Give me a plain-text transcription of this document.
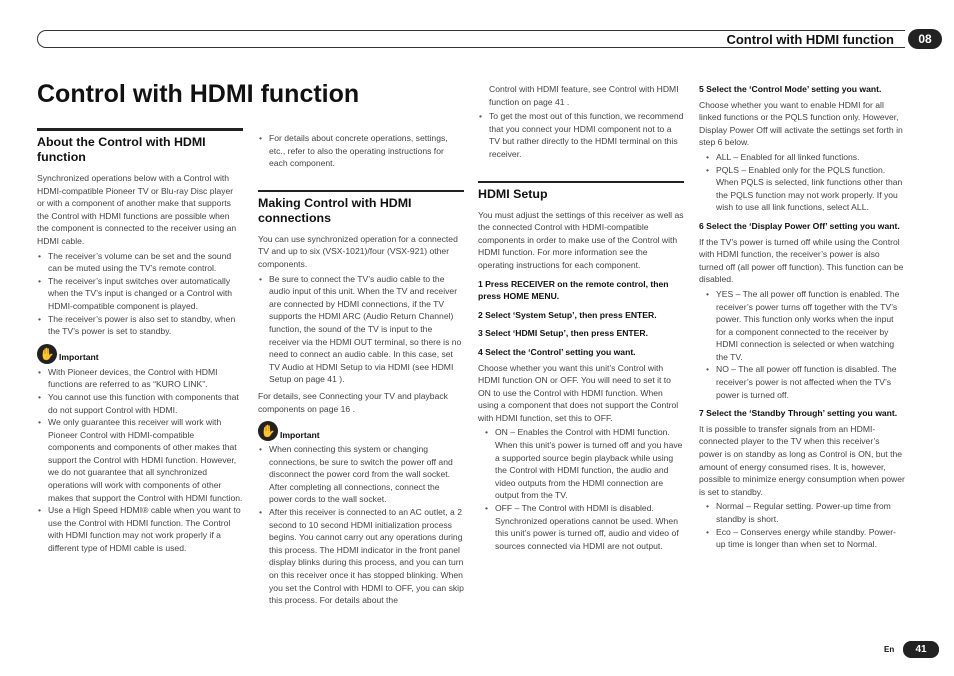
Control with HDMI function	08
Control with HDMI function
About the Control with HDMI function

Synchronized operations below with a Control with HDMI-compatible Pioneer TV or Blu-ray Disc player or with a component of another make that supports the Control with HDMI functions are possible when the component is connected to the receiver using an HDMI cable.

• The receiver’s volume can be set and the sound can be muted using the TV’s remote control.
• The receiver’s input switches over automatically when the TV’s input is changed or a Control with HDMI-compatible component is played.
• The receiver’s power is also set to standby, when the TV’s power is set to standby.
✋ Important
• With Pioneer devices, the Control with HDMI functions are referred to as “KURO LINK”.
• You cannot use this function with components that do not support Control with HDMI.
• We only guarantee this receiver will work with Pioneer Control with HDMI-compatible components and components of other makes that support the Control with HDMI function. However, we do not guarantee that all synchronized operations will work with components of other makes that support the Control with HDMI function.
• Use a High Speed HDMI® cable when you want to use the Control with HDMI function. The Control with HDMI function may not work properly if a different type of HDMI cable is used.
• For details about concrete operations, settings, etc., refer to also the operating instructions for each component.
Making Control with HDMI connections

You can use synchronized operation for a connected TV and up to six (VSX-1021)/four (VSX-921) other components.

• Be sure to connect the TV’s audio cable to the audio input of this unit. When the TV and receiver are connected by HDMI connections, if the TV supports the HDMI ARC (Audio Return Channel) function, the sound of the TV is input to the receiver via the HDMI OUT terminal, so there is no need to connect an audio cable. In this case, set TV Audio at HDMI Setup to via HDMI (see HDMI Setup on page 41 ).

For details, see Connecting your TV and playback components on page 16 .

✋ Important
• When connecting this system or changing connections, be sure to switch the power off and disconnect the power cord from the wall socket. After completing all connections, connect the power cords to the wall socket.
• After this receiver is connected to an AC outlet, a 2 second to 10 second HDMI initialization process begins. You cannot carry out any operations during this process. The HDMI indicator in the front panel display blinks during this process, and you can turn on this receiver once it has stopped blinking. When you set the Control with HDMI to OFF, you can skip this process. For details about the

Control with HDMI feature, see Control with HDMI function on page 41 .

• To get the most out of this function, we recommend that you connect your HDMI component not to a TV but rather directly to the HDMI terminal on this receiver.
HDMI Setup

You must adjust the settings of this receiver as well as the connected Control with HDMI-compatible components in order to make use of the Control with HDMI function. For more information see the operating instructions for each component.

1 Press RECEIVER on the remote control, then press HOME MENU.
2 Select ‘System Setup’, then press ENTER.
3 Select ‘HDMI Setup’, then press ENTER.
4 Select the ‘Control’ setting you want.

Choose whether you want this unit’s Control with HDMI function ON or OFF. You will need to set it to ON to use the Control with HDMI function. When using a component that does not support the Control with HDMI function, set this to OFF.

• ON – Enables the Control with HDMI function. When this unit’s power is turned off and you have a supported source begin playback while using the Control with HDMI function, the audio and video outputs from the HDMI connection are output from the TV.
• OFF – The Control with HDMI is disabled. Synchronized operations cannot be used. When this unit’s power is turned off, audio and video of sources connected via HDMI are not output.
5 Select the ‘Control Mode’ setting you want.

Choose whether you want to enable HDMI for all linked functions or the PQLS function only. However, Display Power Off will activate the settings set forth in step 6 below.

• ALL – Enabled for all linked functions.
• PQLS – Enabled only for the PQLS function. When PQLS is selected, link functions other than the PQLS function may not work properly. If you wish to use all link functions, select ALL.
6 Select the ‘Display Power Off’ setting you want.

If the TV’s power is turned off while using the Control with HDMI function, the receiver’s power is also turned off (all power off function). This function can be disabled.

• YES – The all power off function is enabled. The receiver’s power turns off together with the TV’s power. This function only works when the input for a component connected to the receiver by HDMI connection is selected or when watching the TV.
• NO – The all power off function is disabled. The receiver’s power is not affected when the TV’s power is turned off.
7 Select the ‘Standby Through’ setting you want.

It is possible to transfer signals from an HDMI-connected player to the TV when this receiver’s power is on standby as long as Control is ON, but the amount of energy consumed rises. It is, however, possible to minimize energy consumption when power is set to standby.

• Normal – Regular setting. Power-up time from standby is short.
• Eco – Conserves energy while standby. Power-up time is longer than when set to Normal.
En	41
